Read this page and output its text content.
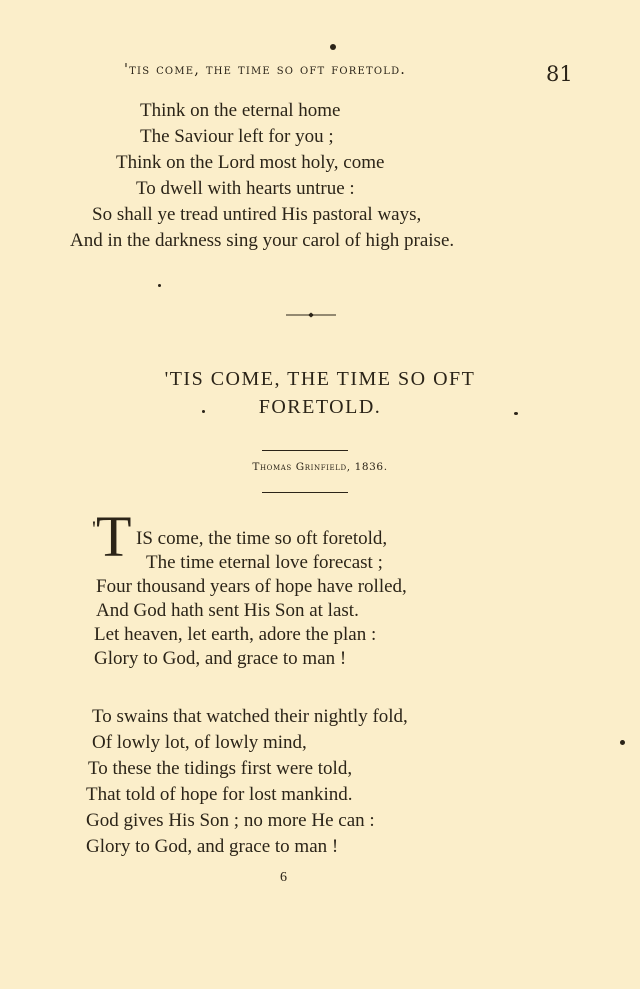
'tis come, the time so oft foretold.	81
Think on the eternal home
The Saviour left for you ;
Think on the Lord most holy, come
To dwell with hearts untrue :
So shall ye tread untired His pastoral ways,
And in the darkness sing your carol of high praise.
'TIS COME, THE TIME SO OFT
FORETOLD.
Thomas Grinfield, 1836.
' T IS come, the time so oft foretold,
The time eternal love forecast ;
Four thousand years of hope have rolled,
And God hath sent His Son at last.
Let heaven, let earth, adore the plan :
Glory to God, and grace to man !
To swains that watched their nightly fold,
Of lowly lot, of lowly mind,
To these the tidings first were told,
That told of hope for lost mankind.
God gives His Son ; no more He can :
Glory to God, and grace to man !
6
